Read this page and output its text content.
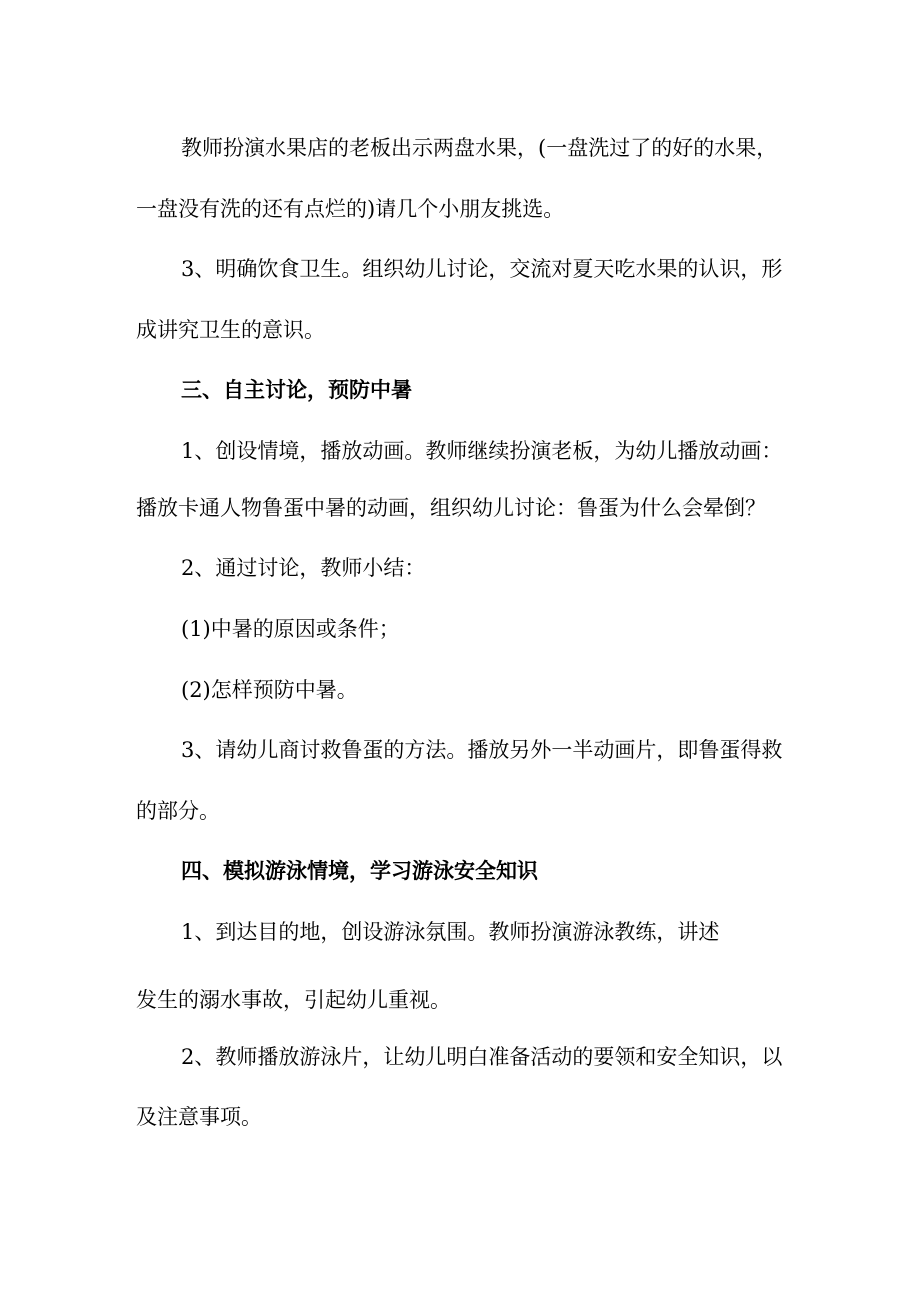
教师扮演水果店的老板出示两盘水果，(一盘洗过了的好的水果，
一盘没有洗的还有点烂的)请几个小朋友挑选。
3、明确饮食卫生。组织幼儿讨论，交流对夏天吃水果的认识，形
成讲究卫生的意识。
三、自主讨论，预防中暑
1、创设情境，播放动画。教师继续扮演老板，为幼儿播放动画：
播放卡通人物鲁蛋中暑的动画，组织幼儿讨论：鲁蛋为什么会晕倒？
2、通过讨论，教师小结：
(1)中暑的原因或条件；
(2)怎样预防中暑。
3、请幼儿商讨救鲁蛋的方法。播放另外一半动画片，即鲁蛋得救
的部分。
四、模拟游泳情境，学习游泳安全知识
1、到达目的地，创设游泳氛围。教师扮演游泳教练，讲述
发生的溺水事故，引起幼儿重视。
2、教师播放游泳片，让幼儿明白准备活动的要领和安全知识，以
及注意事项。
